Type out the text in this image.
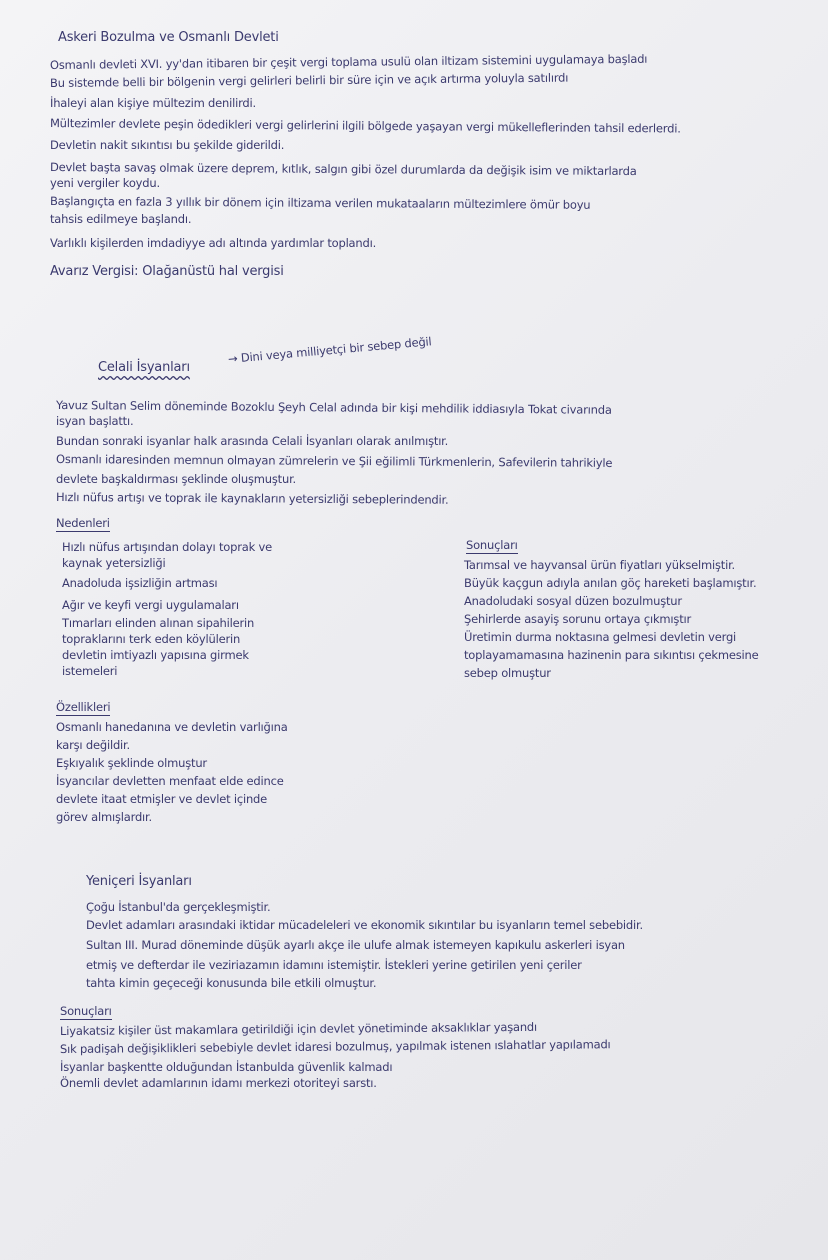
Askeri Bozulma ve Osmanlı Devleti
Osmanlı devleti XVI. yy'dan itibaren bir çeşit vergi toplama usulü olan iltizam sistemini uygulamaya başladı
Bu sistemde belli bir bölgenin vergi gelirleri belirli bir süre için ve açık artırma yoluyla satılırdı
İhaleyi alan kişiye mültezim denilirdi.
Mültezimler devlete peşin ödedikleri vergi gelirlerini ilgili bölgede yaşayan vergi mükelleflerinden tahsil ederlerdi.
Devletin nakit sıkıntısı bu şekilde giderildi.
Devlet başta savaş olmak üzere deprem, kıtlık, salgın gibi özel durumlarda da değişik isim ve miktarlarda
yeni vergiler koydu.
Başlangıçta en fazla 3 yıllık bir dönem için iltizama verilen mukataaların mültezimlere ömür boyu
tahsis edilmeye başlandı.
Varlıklı kişilerden imdadiyye adı altında yardımlar toplandı.
Avarız Vergisi: Olağanüstü hal vergisi
Celali İsyanları
→ Dini veya milliyetçi bir sebep değil
Yavuz Sultan Selim döneminde Bozoklu Şeyh Celal adında bir kişi mehdilik iddiasıyla Tokat civarında
isyan başlattı.
Bundan sonraki isyanlar halk arasında Celali İsyanları olarak anılmıştır.
Osmanlı idaresinden memnun olmayan zümrelerin ve Şii eğilimli Türkmenlerin, Safevilerin tahrikiyle
devlete başkaldırması şeklinde oluşmuştur.
Hızlı nüfus artışı ve toprak ile kaynakların yetersizliği sebeplerindendir.
Nedenleri
Hızlı nüfus artışından dolayı toprak ve
kaynak yetersizliği
Anadoluda işsizliğin artması
Ağır ve keyfi vergi uygulamaları
Tımarları elinden alınan sipahilerin
topraklarını terk eden köylülerin
devletin imtiyazlı yapısına girmek
istemeleri
Sonuçları
Tarımsal ve hayvansal ürün fiyatları yükselmiştir.
Büyük kaçgun adıyla anılan göç hareketi başlamıştır.
Anadoludaki sosyal düzen bozulmuştur
Şehirlerde asayiş sorunu ortaya çıkmıştır
Üretimin durma noktasına gelmesi devletin vergi
toplayamamasına hazinenin para sıkıntısı çekmesine
sebep olmuştur
Özellikleri
Osmanlı hanedanına ve devletin varlığına
karşı değildir.
Eşkıyalık şeklinde olmuştur
İsyancılar devletten menfaat elde edince
devlete itaat etmişler ve devlet içinde
görev almışlardır.
Yeniçeri İsyanları
Çoğu İstanbul'da gerçekleşmiştir.
Devlet adamları arasındaki iktidar mücadeleleri ve ekonomik sıkıntılar bu isyanların temel sebebidir.
Sultan III. Murad döneminde düşük ayarlı akçe ile ulufe almak istemeyen kapıkulu askerleri isyan
etmiş ve defterdar ile veziriazamın idamını istemiştir. İstekleri yerine getirilen yeni çeriler
tahta kimin geçeceği konusunda bile etkili olmuştur.
Sonuçları
Liyakatsiz kişiler üst makamlara getirildiği için devlet yönetiminde aksaklıklar yaşandı
Sık padişah değişiklikleri sebebiyle devlet idaresi bozulmuş, yapılmak istenen ıslahatlar yapılamadı
İsyanlar başkentte olduğundan İstanbulda güvenlik kalmadı
Önemli devlet adamlarının idamı merkezi otoriteyi sarstı.
